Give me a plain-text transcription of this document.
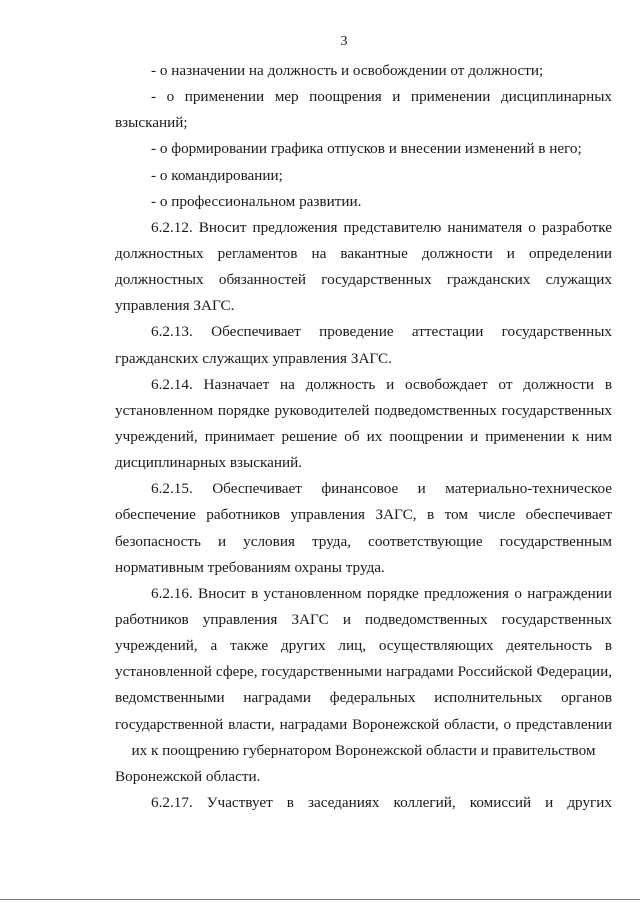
3
- о назначении на должность и освобождении от должности;
- о применении мер поощрения и применении дисциплинарных
взысканий;
- о формировании графика отпусков и внесении изменений в него;
- о командировании;
- о профессиональном развитии.
6.2.12. Вносит предложения представителю нанимателя о разработке
должностных регламентов на вакантные должности и определении
должностных обязанностей государственных гражданских служащих
управления ЗАГС.
6.2.13. Обеспечивает проведение аттестации государственных
гражданских служащих управления ЗАГС.
6.2.14. Назначает на должность и освобождает от должности в
установленном порядке руководителей подведомственных государственных
учреждений, принимает решение об их поощрении и применении к ним
дисциплинарных взысканий.
6.2.15. Обеспечивает финансовое и материально-техническое
обеспечение работников управления ЗАГС, в том числе обеспечивает
безопасность и условия труда, соответствующие государственным
нормативным требованиям охраны труда.
6.2.16. Вносит в установленном порядке предложения о награждении
работников управления ЗАГС и подведомственных государственных
учреждений, а также других лиц, осуществляющих деятельность в
установленной сфере, государственными наградами Российской Федерации,
ведомственными наградами федеральных исполнительных органов
государственной власти, наградами Воронежской области, о представлении
их к поощрению губернатором Воронежской области и правительством
Воронежской области.
6.2.17. Участвует в заседаниях коллегий, комиссий и других
